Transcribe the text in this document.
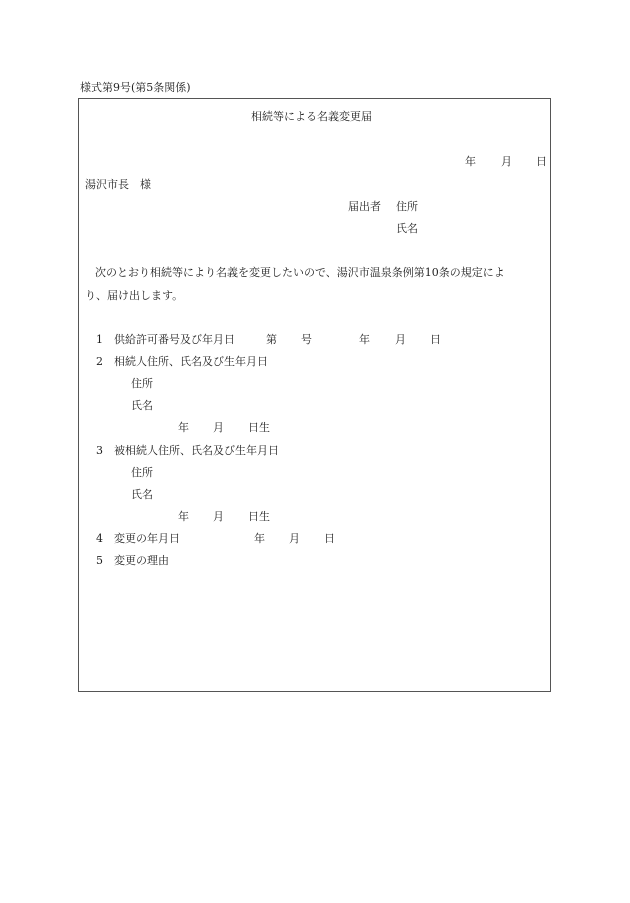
様式第9号(第5条関係)
相続等による名義変更届
年 月 日
湯沢市長　様
届出者 住所
氏名
次のとおり相続等により名義を変更したいので、湯沢市温泉条例第10条の規定によ
り、届け出します。
1 供給許可番号及び年月日	第 号	年 月 日
2 相続人住所、氏名及び生年月日
住所
氏名
年 月 日生
3 被相続人住所、氏名及び生年月日
住所
氏名
年 月 日生
4 変更の年月日	年 月 日
5 変更の理由
